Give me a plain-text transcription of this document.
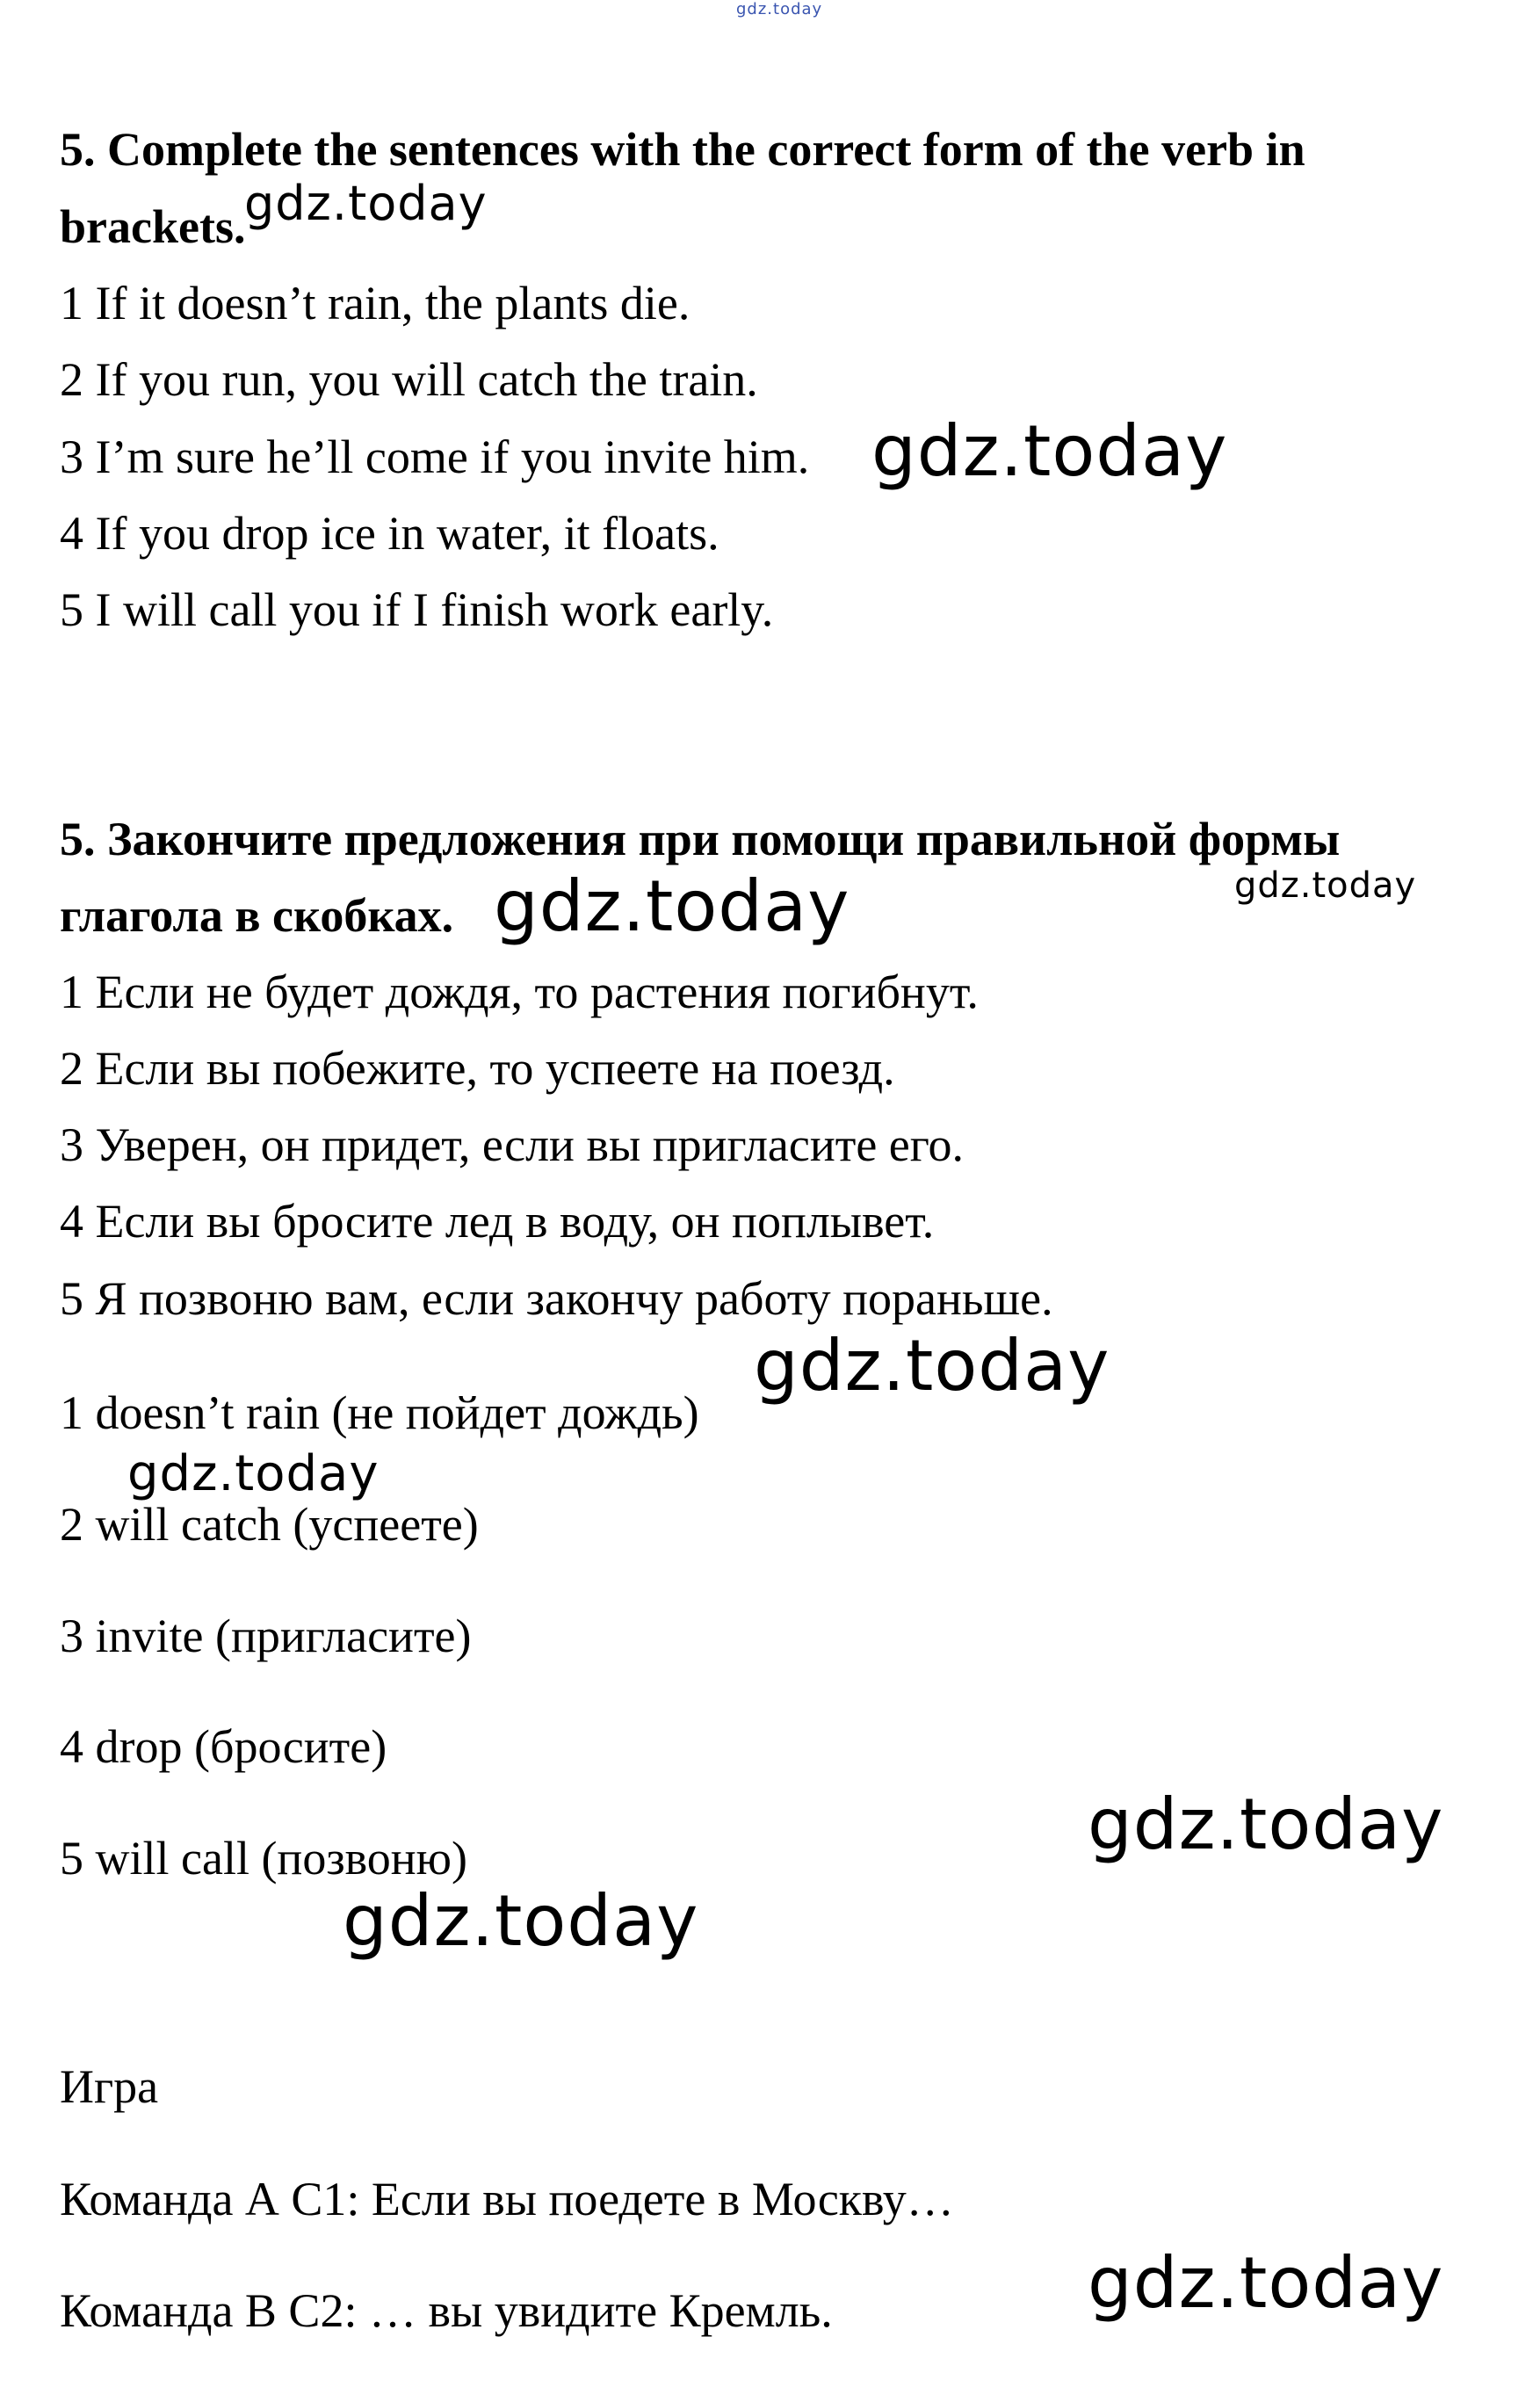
gdz.today
5. Complete the sentences with the correct form of the verb in
brackets.
1 If it doesn’t rain, the plants die.
2 If you run, you will catch the train.
3 I’m sure he’ll come if you invite him.
4 If you drop ice in water, it floats.
5 I will call you if I finish work early.
5. Закончите предложения при помощи правильной формы
глагола в скобках.
1 Если не будет дождя, то растения погибнут.
2 Если вы побежите, то успеете на поезд.
3 Уверен, он придет, если вы пригласите его.
4 Если вы бросите лед в воду, он поплывет.
5 Я позвоню вам, если закончу работу пораньше.
1 doesn’t rain (не пойдет дождь)
2 will catch (успеете)
3 invite (пригласите)
4 drop (бросите)
5 will call (позвоню)
Игра
Команда А С1: Если вы поедете в Москву…
Команда В С2: … вы увидите Кремль.
gdz.today
gdz.today
gdz.today	gdz.today
gdz.today
gdz.today
gdz.today
gdz.today
gdz.today
